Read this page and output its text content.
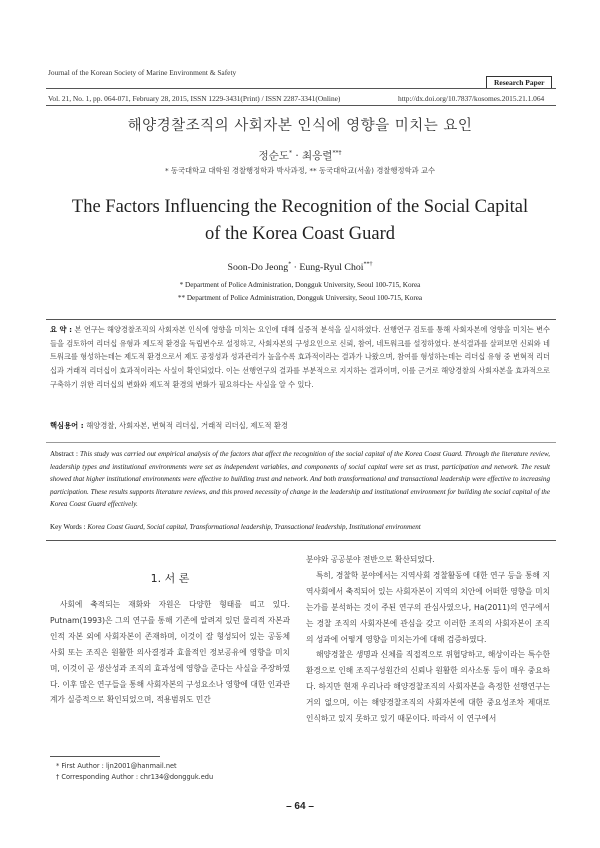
Journal of the Korean Society of Marine Environment & Safety
Research Paper
Vol. 21, No. 1, pp. 064-071, February 28, 2015, ISSN 1229-3431(Print) / ISSN 2287-3341(Online)	http://dx.doi.org/10.7837/kosomes.2015.21.1.064
해양경찰조직의 사회자본 인식에 영향을 미치는 요인
정순도* · 최응렬**†
* 동국대학교 대학원 경찰행정학과 박사과정, ** 동국대학교(서울) 경찰행정학과 교수
The Factors Influencing the Recognition of the Social Capital
of the Korea Coast Guard
Soon-Do Jeong* · Eung-Ryul Choi**†
* Department of Police Administration, Dongguk University, Seoul 100-715, Korea
** Department of Police Administration, Dongguk University, Seoul 100-715, Korea
요 약 : 본 연구는 해양경찰조직의 사회자본 인식에 영향을 미치는 요인에 대해 실증적 분석을 실시하였다. 선행연구 검토를 통해 사회자본에 영향을 미치는 변수들을 검토하여 리더십 유형과 제도적 환경을 독립변수로 설정하고, 사회자본의 구성요인으로 신뢰, 참여, 네트워크를 설정하였다. 분석결과를 살펴보면 신뢰와 네트워크를 형성하는데는 제도적 환경으로서 제도 공정성과 성과관리가 높을수록 효과적이라는 결과가 나왔으며, 참여를 형성하는데는 리더십 유형 중 변혁적 리더십과 거래적 리더십이 효과적이라는 사실이 확인되었다. 이는 선행연구의 결과를 부분적으로 지지하는 결과이며, 이를 근거로 해양경찰의 사회자본을 효과적으로 구축하기 위한 리더십의 변화와 제도적 환경의 변화가 필요하다는 사실을 알 수 있다.
핵심용어 : 해양경찰, 사회자본, 변혁적 리더십, 거래적 리더십, 제도적 환경
Abstract : This study was carried out empirical analysis of the factors that affect the recognition of the social capital of the Korea Coast Guard. Through the literature review, leadership types and institutional environments were set as independent variables, and components of social capital were set as trust, participation and network. The result showed that higher institutional environments were effective to building trust and network. And both transformational and transactional leadership were effective to increasing participation. These results supports literature reviews, and this proved necessity of change in the leadership and institutional environment for building the social capital of the Korea Coast Guard effectively.
Key Words : Korea Coast Guard, Social capital, Transformational leadership, Transactional leadership, Institutional environment
1. 서 론

사회에 축적되는 재화와 자원은 다양한 형태를 띠고 있다. Putnam(1993)은 그의 연구를 통해 기존에 알려져 있던 물리적 자본과 인적 자본 외에 사회자본이 존재하며, 이것이 잘 형성되어 있는 공동체 사회 또는 조직은 원활한 의사결정과 효율적인 정보공유에 영향을 미치며, 이것이 곧 생산성과 조직의 효과성에 영향을 준다는 사실을 주장하였다. 이후 많은 연구들을 통해 사회자본의 구성요소나 영향에 대한 인과관계가 실증적으로 확인되었으며, 적용범위도 민간

* First Author : ljn2001@hanmail.net
† Corresponding Author : chr134@dongguk.edu
분야와 공공분야 전반으로 확산되었다.

특히, 경찰학 분야에서는 지역사회 경찰활동에 대한 연구 등을 통해 지역사회에서 축적되어 있는 사회자본이 지역의 치안에 어떠한 영향을 미치는가를 분석하는 것이 주된 연구의 관심사였으나, Ha(2011)의 연구에서는 경찰 조직의 사회자본에 관심을 갖고 이러한 조직의 사회자본이 조직의 성과에 어떻게 영향을 미치는가에 대해 검증하였다.

해양경찰은 생명과 신체를 직접적으로 위협당하고, 해상이라는 특수한 환경으로 인해 조직구성원간의 신뢰나 원활한 의사소통 등이 매우 중요하다. 하지만 현재 우리나라 해양경찰조직의 사회자본을 측정한 선행연구는 거의 없으며, 이는 해양경찰조직의 사회자본에 대한 중요성조차 제대로 인식하고 있지 못하고 있기 때문이다. 따라서 이 연구에서

– 64 –
